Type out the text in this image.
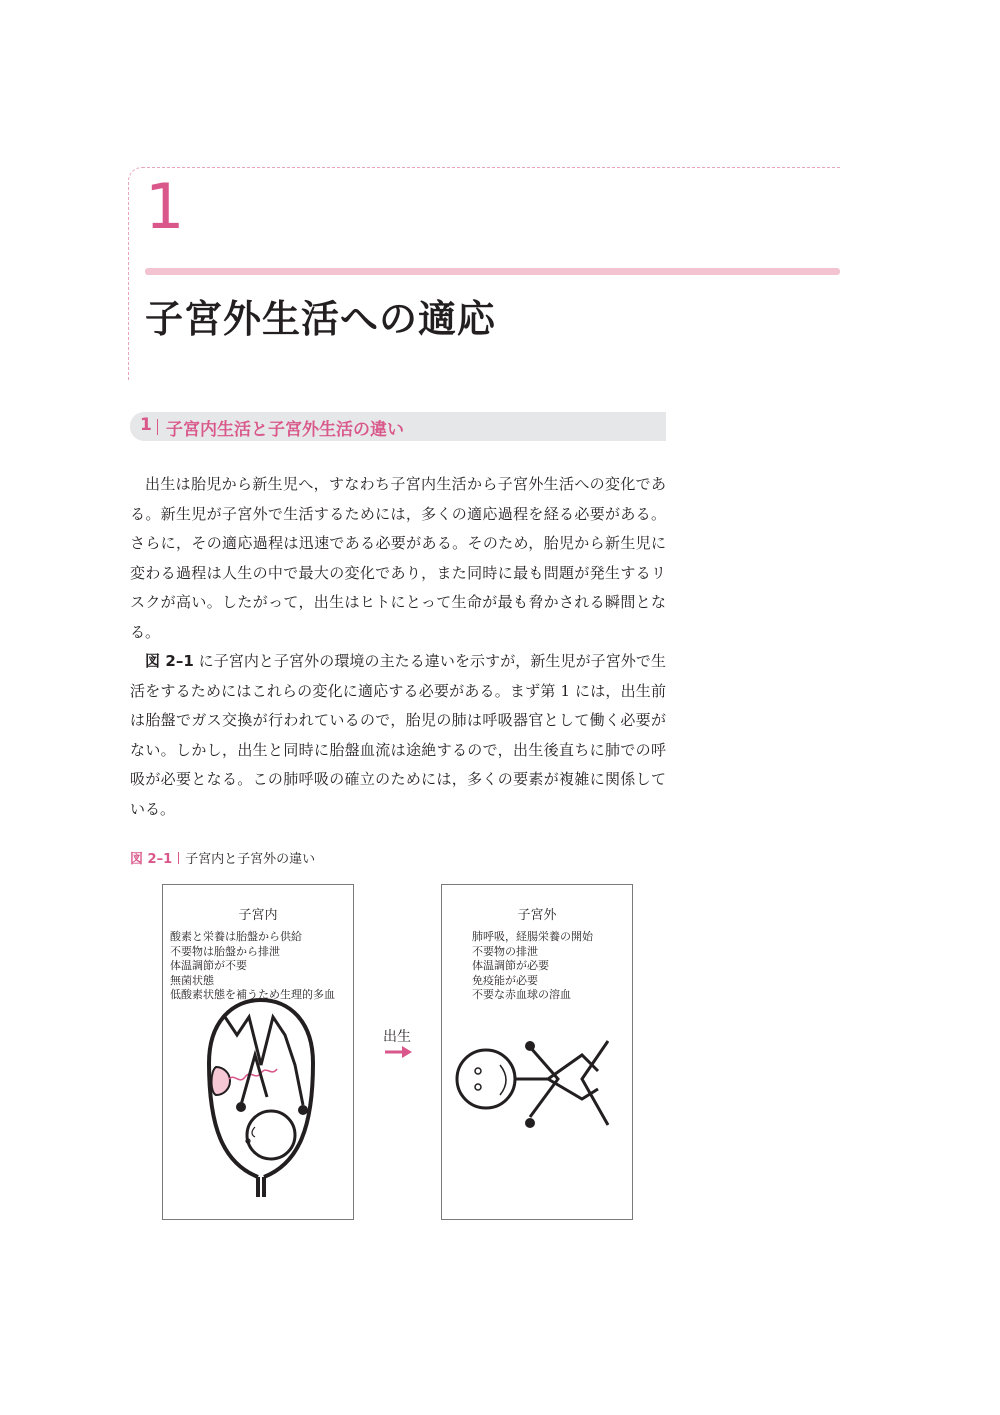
1
子宮外生活への適応
1 子宮内生活と子宮外生活の違い

出生は胎児から新生児へ，すなわち子宮内生活から子宮外生活への変化である。新生児が子宮外で生活するためには，多くの適応過程を経る必要がある。さらに，その適応過程は迅速である必要がある。そのため，胎児から新生児に変わる過程は人生の中で最大の変化であり，また同時に最も問題が発生するリスクが高い。したがって，出生はヒトにとって生命が最も脅かされる瞬間となる。

図 2–1 に子宮内と子宮外の環境の主たる違いを示すが，新生児が子宮外で生活をするためにはこれらの変化に適応する必要がある。まず第 1 には，出生前は胎盤でガス交換が行われているので，胎児の肺は呼吸器官として働く必要がない。しかし，出生と同時に胎盤血流は途絶するので，出生後直ちに肺での呼吸が必要となる。この肺呼吸の確立のためには，多くの要素が複雑に関係している。

図 2–1 子宮内と子宮外の違い
子宮内
酸素と栄養は胎盤から供給
不要物は胎盤から排泄
体温調節が不要
無菌状態
低酸素状態を補うため生理的多血
出生
子宮外
肺呼吸，経腸栄養の開始
不要物の排泄
体温調節が必要
免疫能が必要
不要な赤血球の溶血
